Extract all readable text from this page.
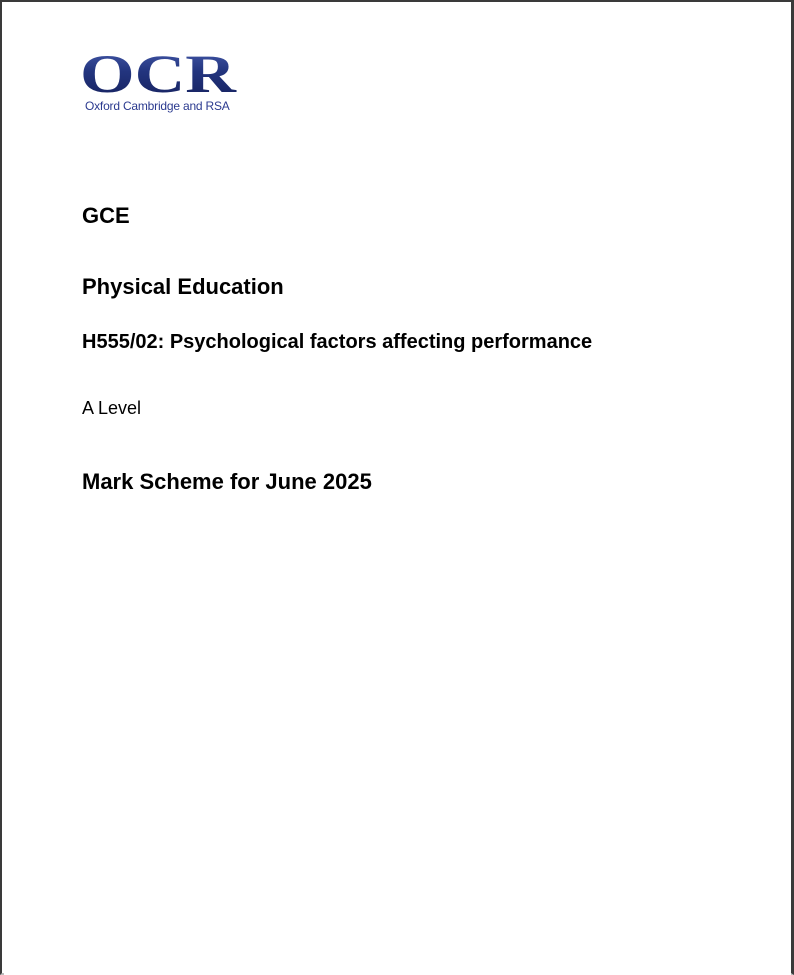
OCR
Oxford Cambridge and RSA
GCE
Physical Education
H555/02: Psychological factors affecting performance

A Level

Mark Scheme for June 2025
